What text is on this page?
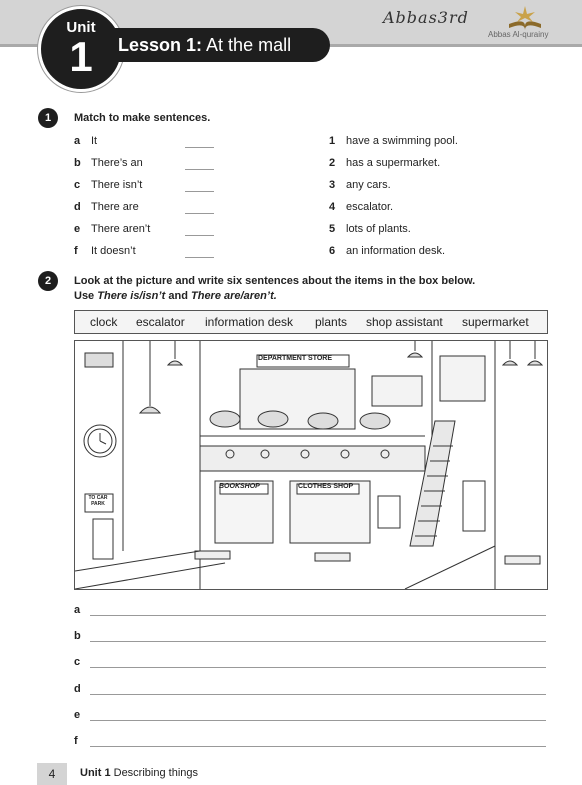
Abbas3rd
Abbas Al-qurainy
Unit
1	Lesson 1: At the mall
1	Match to make sentences.
a It
b There’s an
c There isn’t
d There are
e There aren’t
f It doesn’t
1 have a swimming pool.
2 has a supermarket.
3 any cars.
4 escalator.
5 lots of plants.
6 an information desk.
2	Look at the picture and write six sentences about the items in the box below.
Use There is/isn’t and There are/aren’t.
clock escalator information desk plants shop assistant supermarket
DEPARTMENT STORE
BOOKSHOP	CLOTHES SHOP
TO CAR PARK
a
b
c
d
e
f
4	Unit 1 Describing things
